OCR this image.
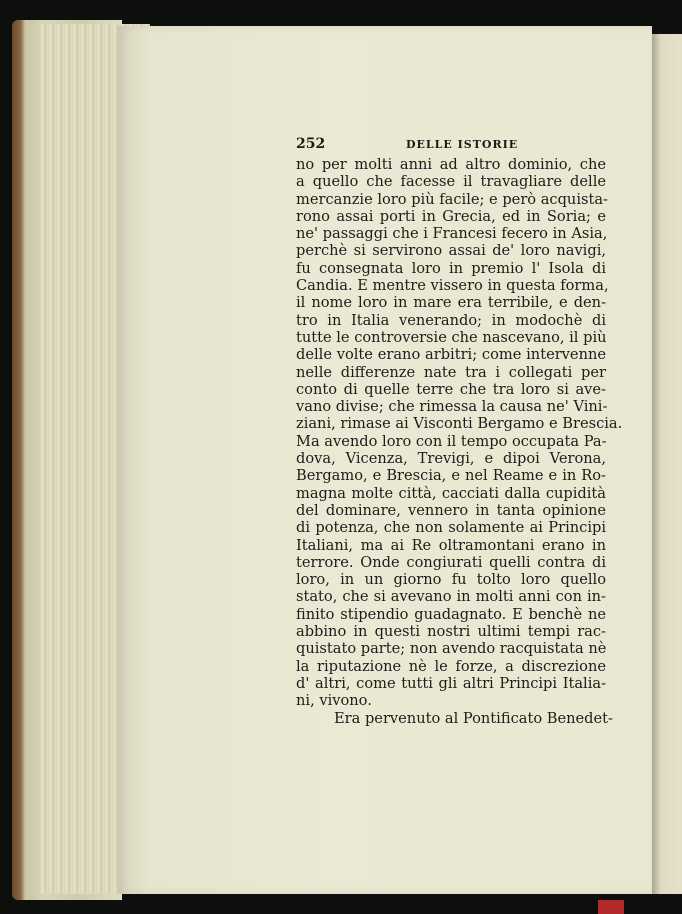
252	DELLE ISTORIE
no per molti anni ad altro dominio, che
a quello che facesse il travagliare delle
mercanzie loro più facile; e però acquista-
rono assai porti in Grecia, ed in Soria; e
ne' passaggi che i Francesi fecero in Asia,
perchè si servirono assai de' loro navigi,
fu consegnata loro in premio l' Isola di
Candia. E mentre vissero in questa forma,
il nome loro in mare era terribile, e den-
tro in Italia venerando; in modochè di
tutte le controversie che nascevano, il più
delle volte erano arbitri; come intervenne
nelle differenze nate tra i collegati per
conto di quelle terre che tra loro si ave-
vano divise; che rimessa la causa ne' Vini-
ziani, rimase ai Visconti Bergamo e Brescia.
Ma avendo loro con il tempo occupata Pa-
dova, Vicenza, Trevigi, e dipoi Verona,
Bergamo, e Brescia, e nel Reame e in Ro-
magna molte città, cacciati dalla cupidità
del dominare, vennero in tanta opinione
di potenza, che non solamente ai Principi
Italiani, ma ai Re oltramontani erano in
terrore. Onde congiurati quelli contra di
loro, in un giorno fu tolto loro quello
stato, che si avevano in molti anni con in-
finito stipendio guadagnato. E benchè ne
abbino in questi nostri ultimi tempi rac-
quistato parte; non avendo racquistata nè
la riputazione nè le forze, a discrezione
d' altri, come tutti gli altri Principi Italia-
ni, vivono.
Era pervenuto al Pontificato Benedet-
